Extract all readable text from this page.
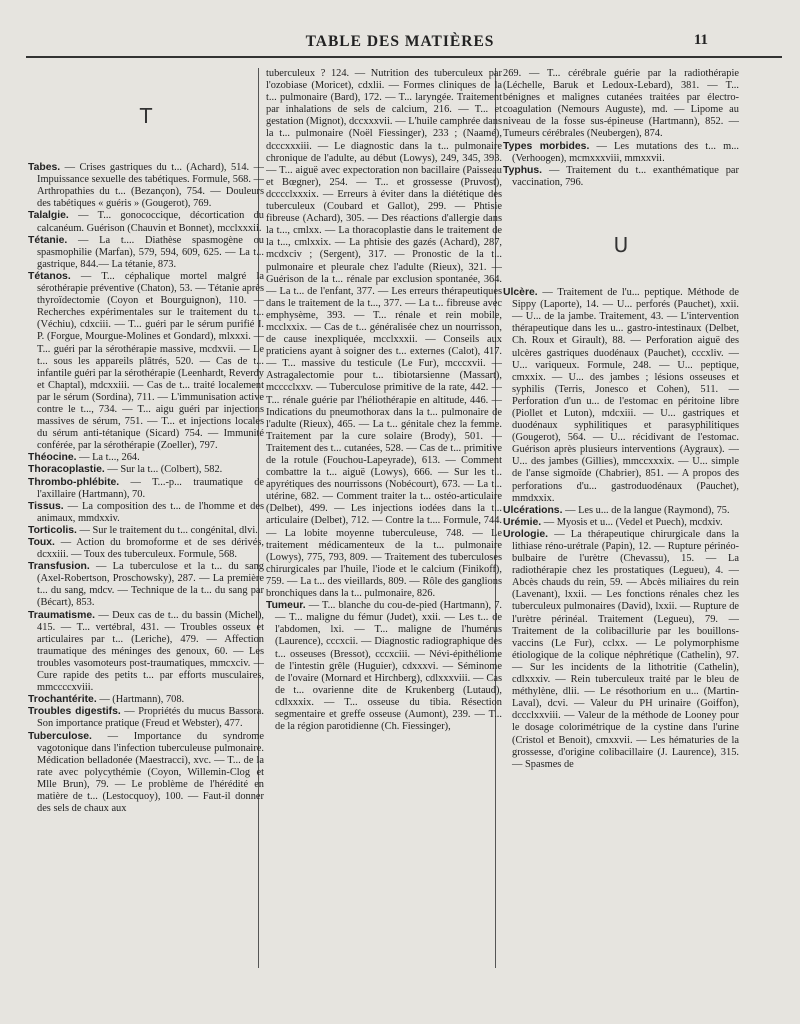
TABLE DES MATIÈRES	11
T

Tabes. — Crises gastriques du t... (Achard), 514. — Impuissance sexuelle des tabétiques. Formule, 568. — Arthropathies du t... (Bezançon), 754. — Douleurs des tabétiques « guéris » (Gougerot), 769.

Talalgie. — T... gonococcique, décortication du calcanéum. Guérison (Chauvin et Bonnet), mcclxxxii.

Tétanie. — La t.... Diathèse spasmogène ou spasmophilie (Marfan), 579, 594, 609, 625. — La t... gastrique, 844.— La tétanie, 873.

Tétanos. — T... céphalique mortel malgré la sérothérapie préventive (Chaton), 53. — Tétanie après thyroïdectomie (Coyon et Bourguignon), 110. — Recherches expérimentales sur le traitement du t... (Véchiu), cdxciii. — T... guéri par le sérum purifié I. P. (Forgue, Mourgue-Molines et Gondard), mlxxxi. — T... guéri par la sérothérapie massive, mcdxvii. — Le t... sous les appareils plâtrés, 520. — Cas de t... infantile guéri par la sérothérapie (Leenhardt, Reverdy et Chaptal), mdcxxiii. — Cas de t... traité localement par le sérum (Sordina), 711. — L'immunisation active contre le t..., 734. — T... aigu guéri par injections massives de sérum, 751. — T... et injections locales du sérum anti-tétanique (Sicard) 754. — Immunité conférée, par la sérothérapie (Zoeller), 797.

Théocine. — La t..., 264.

Thoracoplastie. — Sur la t... (Colbert), 582.

Thrombo-phlébite. — T...-p... traumatique de l'axillaire (Hartmann), 70.

Tissus. — La composition des t... de l'homme et des animaux, mmdxxiv.

Torticolis. — Sur le traitement du t... congénital, dlvi.

Toux. — Action du bromoforme et de ses dérivés, dcxxiii. — Toux des tuberculeux. Formule, 568.

Transfusion. — La tuberculose et la t... du sang (Axel-Robertson, Proschowsky), 287. — La première t... du sang, mdcv. — Technique de la t... du sang par (Bécart), 853.

Traumatisme. — Deux cas de t... du bassin (Michel), 415. — T... vertébral, 431. — Troubles osseux et articulaires par t... (Leriche), 479. — Affection traumatique des méninges des genoux, 60. — Les troubles vasomoteurs post-traumatiques, mmcxciv. — Cure rapide des petits t... par efforts musculaires, mmccccxviii.

Trochantérite. — (Hartmann), 708.

Troubles digestifs. — Propriétés du mucus Bassora. Son importance pratique (Freud et Webster), 477.

Tuberculose. — Importance du syndrome vagotonique dans l'infection tuberculeuse pulmonaire. Médication belladonée (Maestracci), xvc. — T... de la rate avec polycythémie (Coyon, Willemin-Clog et Mlle Brun), 79. — Le problème de l'hérédité en matière de t... (Lestocquoy), 100. — Faut-il donner des sels de chaux aux

tuberculeux ? 124. — Nutrition des tuberculeux par l'ozobiase (Moricet), cdxlii. — Formes cliniques de la t... pulmonaire (Bard), 172. — T... laryngée. Traitement par inhalations de sels de calcium, 216. — T... et gestation (Mignot), dccxxxvii. — L'huile camphrée dans la t... pulmonaire (Noël Fiessinger), 233 ; (Naamé), dcccxxxiii. — Le diagnostic dans la t... pulmonaire chronique de l'adulte, au début (Lowys), 249, 345, 393. — T... aiguë avec expectoration non bacillaire (Paisseau et Bœgner), 254. — T... et grossesse (Pruvost), dcccclxxxix. — Erreurs à éviter dans la diététique des tuberculeux (Coubard et Gallot), 299. — Phtisie fibreuse (Achard), 305. — Des réactions d'allergie dans la t..., cmlxx. — La thoracoplastie dans le traitement de la t..., cmlxxix. — La phtisie des gazés (Achard), 287, mcdxciv ; (Sergent), 317. — Pronostic de la t... pulmonaire et pleurale chez l'adulte (Rieux), 321. — Guérison de la t... rénale par exclusion spontanée, 364. — La t... de l'enfant, 377. — Les erreurs thérapeutiques dans le traitement de la t..., 377. — La t... fibreuse avec emphysème, 393. — T... rénale et rein mobile, mcclxxix. — Cas de t... généralisée chez un nourrisson, de cause inexpliquée, mcclxxxii. — Conseils aux praticiens ayant à soigner des t... externes (Calot), 417. — T... massive du testicule (Le Fur), mcccxvii. — Astragalectomie pour t... tibiotarsienne (Massart), mcccclxxv. — Tuberculose primitive de la rate, 442. — T... rénale guérie par l'héliothérapie en altitude, 446. — Indications du pneumothorax dans la t... pulmonaire de l'adulte (Rieux), 465. — La t... génitale chez la femme. Traitement par la cure solaire (Brody), 501. — Traitement des t... cutanées, 528. — Cas de t... primitive de la rotule (Fouchou-Lapeyrade), 613. — Comment combattre la t... aiguë (Lowys), 666. — Sur les t... apyrétiques des nourrissons (Nobécourt), 673. — La t... utérine, 682. — Comment traiter la t... ostéo-articulaire (Delbet), 499. — Les injections iodées dans la t... articulaire (Delbet), 712. — Contre la t.... Formule, 744. — La lobite moyenne tuberculeuse, 748. — Le traitement médicamenteux de la t... pulmonaire (Lowys), 775, 793, 809. — Traitement des tuberculoses chirurgicales par l'huile, l'iode et le calcium (Finikoff), 759. — La t... des vieillards, 809. — Rôle des ganglions bronchiques dans la t... pulmonaire, 826.

Tumeur. — T... blanche du cou-de-pied (Hartmann), 7. — T... maligne du fémur (Judet), xxii. — Les t... de l'abdomen, lxi. — T... maligne de l'humérus (Laurence), cccxcii. — Diagnostic radiographique des t... osseuses (Bressot), cccxciii. — Névi-épithéliome de l'intestin grêle (Huguier), cdxxxvi. — Séminome de l'ovaire (Mornard et Hirchberg), cdlxxxviii. — Cas de t... ovarienne dite de Krukenberg (Lutaud), cdlxxxix. — T... osseuse du tibia. Résection segmentaire et greffe osseuse (Aumont), 239. — T... de la région parotidienne (Ch. Fiessinger),

269. — T... cérébrale guérie par la radiothérapie (Léchelle, Baruk et Ledoux-Lebard), 381. — T... bénignes et malignes cutanées traitées par électro-coagulation (Nemours Auguste), md. — Lipome au niveau de la fosse sus-épineuse (Hartmann), 852. — Tumeurs cérébrales (Neubergen), 874.

Types morbides. — Les mutations des t... m... (Verhoogen), mcmxxxviii, mmxxvii.

Typhus. — Traitement du t... exanthématique par vaccination, 796.

U

Ulcère. — Traitement de l'u... peptique. Méthode de Sippy (Laporte), 14. — U... perforés (Pauchet), xxii. — U... de la jambe. Traitement, 43. — L'intervention thérapeutique dans les u... gastro-intestinaux (Delbet, Ch. Roux et Girault), 88. — Perforation aiguë des ulcères gastriques duodénaux (Pauchet), cccxliv. — U... variqueux. Formule, 248. — U... peptique, cmxxix. — U... des jambes ; lésions osseuses et syphilis (Terris, Jonesco et Cohen), 511. — Perforation d'un u... de l'estomac en péritoine libre (Piollet et Luton), mdcxiii. — U... gastriques et duodénaux syphilitiques et parasyphilitiques (Gougerot), 564. — U... récidivant de l'estomac. Guérison après plusieurs interventions (Aygraux). — U... des jambes (Gillies), mmccxxxix. — U... simple de l'anse sigmoïde (Chabrier), 851. — A propos des perforations d'u... gastroduodénaux (Pauchet), mmdxxix.

Ulcérations. — Les u... de la langue (Raymond), 75.

Urémie. — Myosis et u... (Vedel et Puech), mcdxiv.

Urologie. — La thérapeutique chirurgicale dans la lithiase réno-urétrale (Papin), 12. — Rupture périnéo-bulbaire de l'urètre (Chevassu), 15. — La radiothérapie chez les prostatiques (Legueu), 4. — Abcès chauds du rein, 59. — Abcès miliaires du rein (Lavenant), lxxii. — Les fonctions rénales chez les tuberculeux pulmonaires (David), lxxii. — Rupture de l'urètre périnéal. Traitement (Legueu), 79. — Traitement de la colibacillurie par les bouillons-vaccins (Le Fur), cclxx. — Le polymorphisme étiologique de la colique néphrétique (Cathelin), 97. — Sur les incidents de la lithotritie (Cathelin), cdlxxxiv. — Rein tuberculeux traité par le bleu de méthylène, dlii. — Le résothorium en u... (Martin-Laval), dcvi. — Valeur du PH urinaire (Goiffon), dccclxxviii. — Valeur de la méthode de Looney pour le dosage colorimétrique de la cystine dans l'urine (Cristol et Benoit), cmxxvii. — Les hématuries de la grossesse, d'origine colibacillaire (J. Laurence), 315. — Spasmes de
